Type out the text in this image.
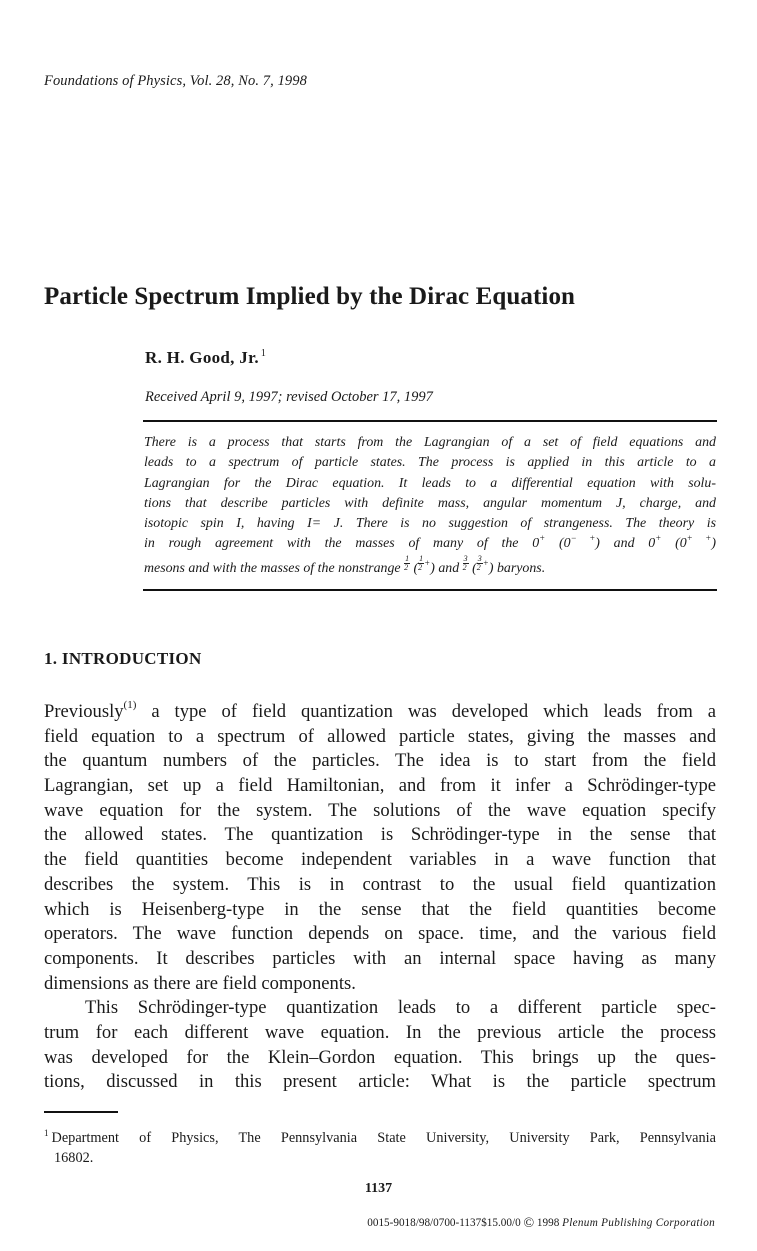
Foundations of Physics, Vol. 28, No. 7, 1998
Particle Spectrum Implied by the Dirac Equation
R. H. Good, Jr. $^1$
Received April 9, 1997; revised October 17, 1997
There is a process that starts from the Lagrangian of a set of field equations and
leads to a spectrum of particle states. The process is applied in this article to a
Lagrangian for the Dirac equation. It leads to a differential equation with solu-
tions that describe particles with definite mass, angular momentum J, charge, and
isotopic spin I, having I= J. There is no suggestion of strangeness. The theory is
in rough agreement with the masses of many of the 0+ (0− +) and 0+ (0+ +)
mesons and with the masses of the nonstrange $\frac{1}{2}$ ( $\frac{1}{2} ^+$) and $\frac{3}{2}$ ( $\frac{3}{2} ^+$) baryons.
1. INTRODUCTION
Previously$^{(1)}$ a type of field quantization was developed which leads from a
field equation to a spectrum of allowed particle states, giving the masses and
the quantum numbers of the particles. The idea is to start from the field
Lagrangian, set up a field Hamiltonian, and from it infer a Schrödinger-type
wave equation for the system. The solutions of the wave equation specify
the allowed states. The quantization is Schrödinger-type in the sense that
the field quantities become independent variables in a wave function that
describes the system. This is in contrast to the usual field quantization
which is Heisenberg-type in the sense that the field quantities become
operators. The wave function depends on space. time, and the various field
components. It describes particles with an internal space having as many
dimensions as there are field components.
This Schrödinger-type quantization leads to a different particle spec-
trum for each different wave equation. In the previous article the process
was developed for the Klein–Gordon equation. This brings up the ques-
tions, discussed in this present article: What is the particle spectrum
$^1$ Department of Physics, The Pennsylvania State University, University Park, Pennsylvania
16802.
1137
0015-9018/98/0700-1137$15.00/0 © 1998 Plenum Publishing Corporation
